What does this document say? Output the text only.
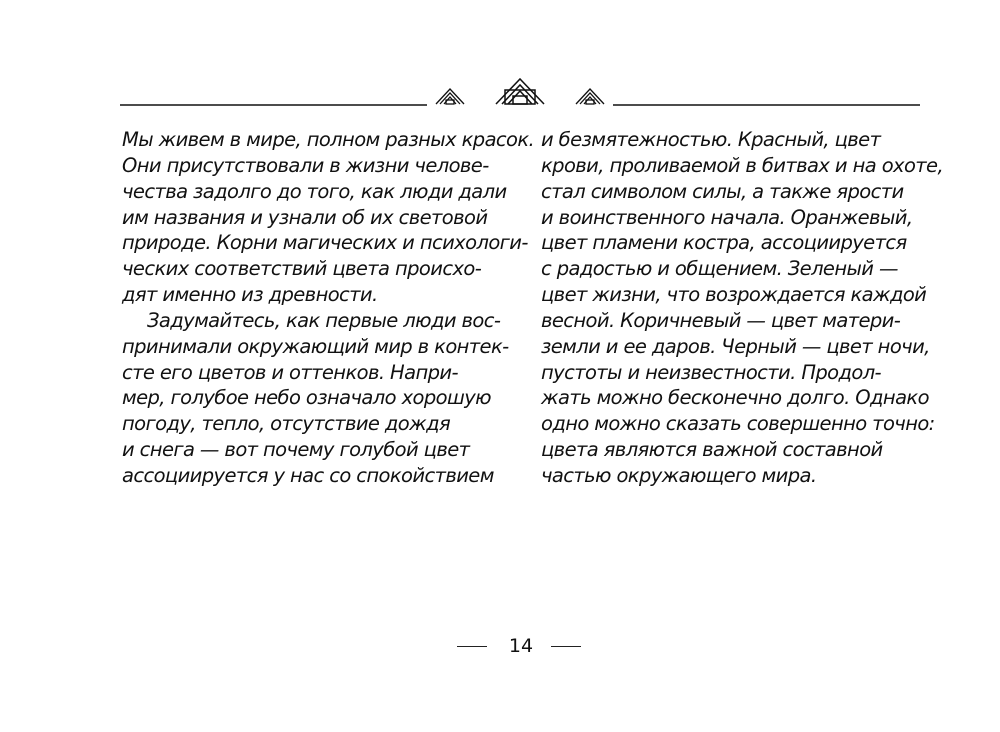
Мы живем в мире, полном разных красок.
Они присутствовали в жизни челове-
чества задолго до того, как люди дали
им названия и узнали об их световой
природе. Корни магических и психологи-
ческих соответствий цвета происхо-
дят именно из древности.
Задумайтесь, как первые люди вос-
принимали окружающий мир в контек-
сте его цветов и оттенков. Напри-
мер, голубое небо означало хорошую
погоду, тепло, отсутствие дождя
и снега — вот почему голубой цвет
ассоциируется у нас со спокойствием
и безмятежностью. Красный, цвет
крови, проливаемой в битвах и на охоте,
стал символом силы, а также ярости
и воинственного начала. Оранжевый,
цвет пламени костра, ассоциируется
с радостью и общением. Зеленый —
цвет жизни, что возрождается каждой
весной. Коричневый — цвет матери-
земли и ее даров. Черный — цвет ночи,
пустоты и неизвестности. Продол-
жать можно бесконечно долго. Однако
одно можно сказать совершенно точно:
цвета являются важной составной
частью окружающего мира.
14
